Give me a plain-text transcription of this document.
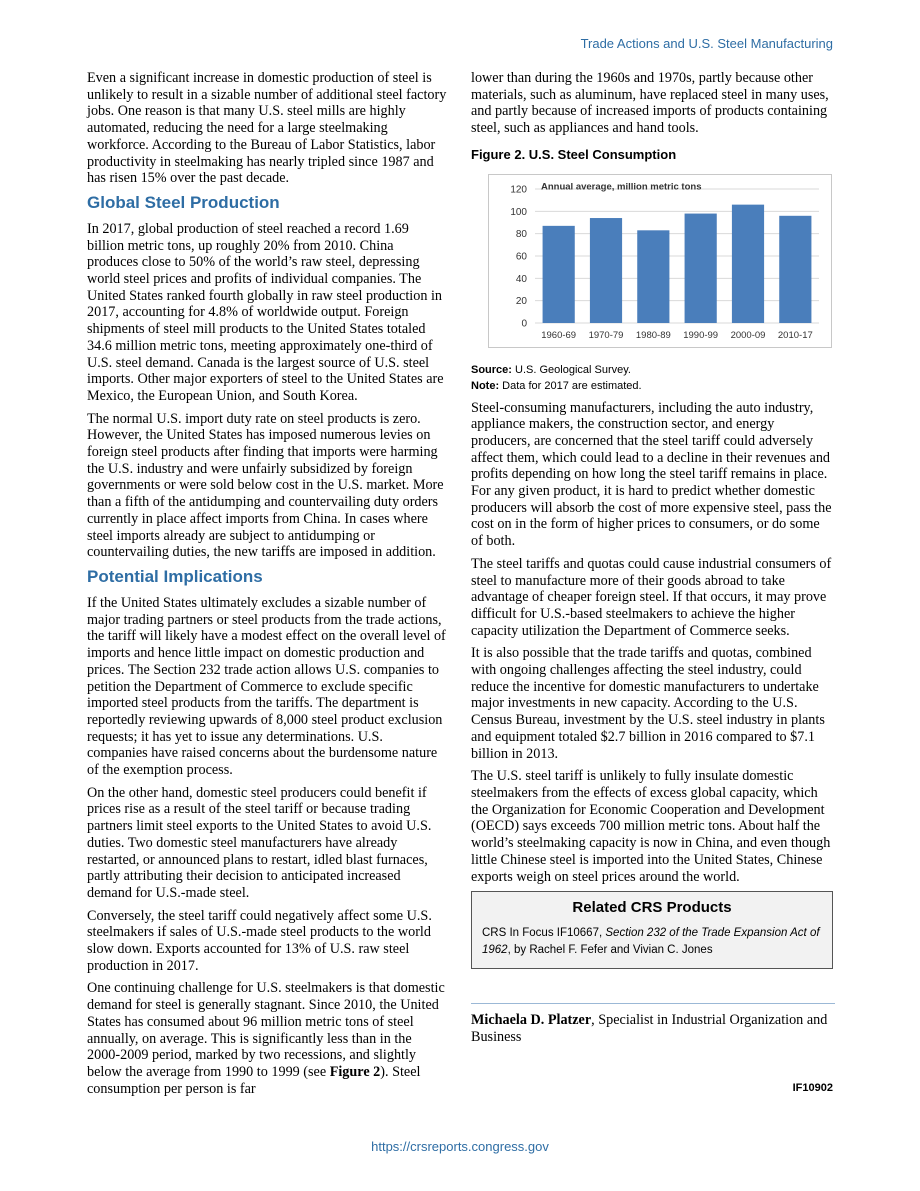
Trade Actions and U.S. Steel Manufacturing

Even a significant increase in domestic production of steel is unlikely to result in a sizable number of additional steel factory jobs. One reason is that many U.S. steel mills are highly automated, reducing the need for a large steelmaking workforce. According to the Bureau of Labor Statistics, labor productivity in steelmaking has nearly tripled since 1987 and has risen 15% over the past decade.

Global Steel Production

In 2017, global production of steel reached a record 1.69 billion metric tons, up roughly 20% from 2010. China produces close to 50% of the world’s raw steel, depressing world steel prices and profits of individual companies. The United States ranked fourth globally in raw steel production in 2017, accounting for 4.8% of worldwide output. Foreign shipments of steel mill products to the United States totaled 34.6 million metric tons, meeting approximately one-third of U.S. steel demand. Canada is the largest source of U.S. steel imports. Other major exporters of steel to the United States are Mexico, the European Union, and South Korea.

The normal U.S. import duty rate on steel products is zero. However, the United States has imposed numerous levies on foreign steel products after finding that imports were harming the U.S. industry and were unfairly subsidized by foreign governments or were sold below cost in the U.S. market. More than a fifth of the antidumping and countervailing duty orders currently in place affect imports from China. In cases where steel imports already are subject to antidumping or countervailing duties, the new tariffs are imposed in addition.

Potential Implications

If the United States ultimately excludes a sizable number of major trading partners or steel products from the trade actions, the tariff will likely have a modest effect on the overall level of imports and hence little impact on domestic production and prices. The Section 232 trade action allows U.S. companies to petition the Department of Commerce to exclude specific imported steel products from the tariffs. The department is reportedly reviewing upwards of 8,000 steel product exclusion requests; it has yet to issue any determinations. U.S. companies have raised concerns about the burdensome nature of the exemption process.

On the other hand, domestic steel producers could benefit if prices rise as a result of the steel tariff or because trading partners limit steel exports to the United States to avoid U.S. duties. Two domestic steel manufacturers have already restarted, or announced plans to restart, idled blast furnaces, partly attributing their decision to anticipated increased demand for U.S.-made steel.

Conversely, the steel tariff could negatively affect some U.S. steelmakers if sales of U.S.-made steel products to the world slow down. Exports accounted for 13% of U.S. raw steel production in 2017.

One continuing challenge for U.S. steelmakers is that domestic demand for steel is generally stagnant. Since 2010, the United States has consumed about 96 million metric tons of steel annually, on average. This is significantly less than in the 2000-2009 period, marked by two recessions, and slightly below the average from 1990 to 1999 (see Figure 2). Steel consumption per person is far

lower than during the 1960s and 1970s, partly because other materials, such as aluminum, have replaced steel in many uses, and partly because of increased imports of products containing steel, such as appliances and hand tools.

Figure 2. U.S. Steel Consumption
0
20
40
60
80
100
120
1960-69 1970-79 1980-89 1990-99 2000-09 2010-17
Annual average, million metric tons
Source: U.S. Geological Survey.
Note: Data for 2017 are estimated.

Steel-consuming manufacturers, including the auto industry, appliance makers, the construction sector, and energy producers, are concerned that the steel tariff could adversely affect them, which could lead to a decline in their revenues and profits depending on how long the steel tariff remains in place. For any given product, it is hard to predict whether domestic producers will absorb the cost of more expensive steel, pass the cost on in the form of higher prices to consumers, or do some of both.

The steel tariffs and quotas could cause industrial consumers of steel to manufacture more of their goods abroad to take advantage of cheaper foreign steel. If that occurs, it may prove difficult for U.S.-based steelmakers to achieve the higher capacity utilization the Department of Commerce seeks.

It is also possible that the trade tariffs and quotas, combined with ongoing challenges affecting the steel industry, could reduce the incentive for domestic manufacturers to undertake major investments in new capacity. According to the U.S. Census Bureau, investment by the U.S. steel industry in plants and equipment totaled $2.7 billion in 2016 compared to $7.1 billion in 2013.

The U.S. steel tariff is unlikely to fully insulate domestic steelmakers from the effects of excess global capacity, which the Organization for Economic Cooperation and Development (OECD) says exceeds 700 million metric tons. About half the world’s steelmaking capacity is now in China, and even though little Chinese steel is imported into the United States, Chinese exports weigh on steel prices around the world.

Related CRS Products
CRS In Focus IF10667, Section 232 of the Trade Expansion Act of 1962, by Rachel F. Fefer and Vivian C. Jones
Michaela D. Platzer, Specialist in Industrial Organization and Business
IF10902
https://crsreports.congress.gov
